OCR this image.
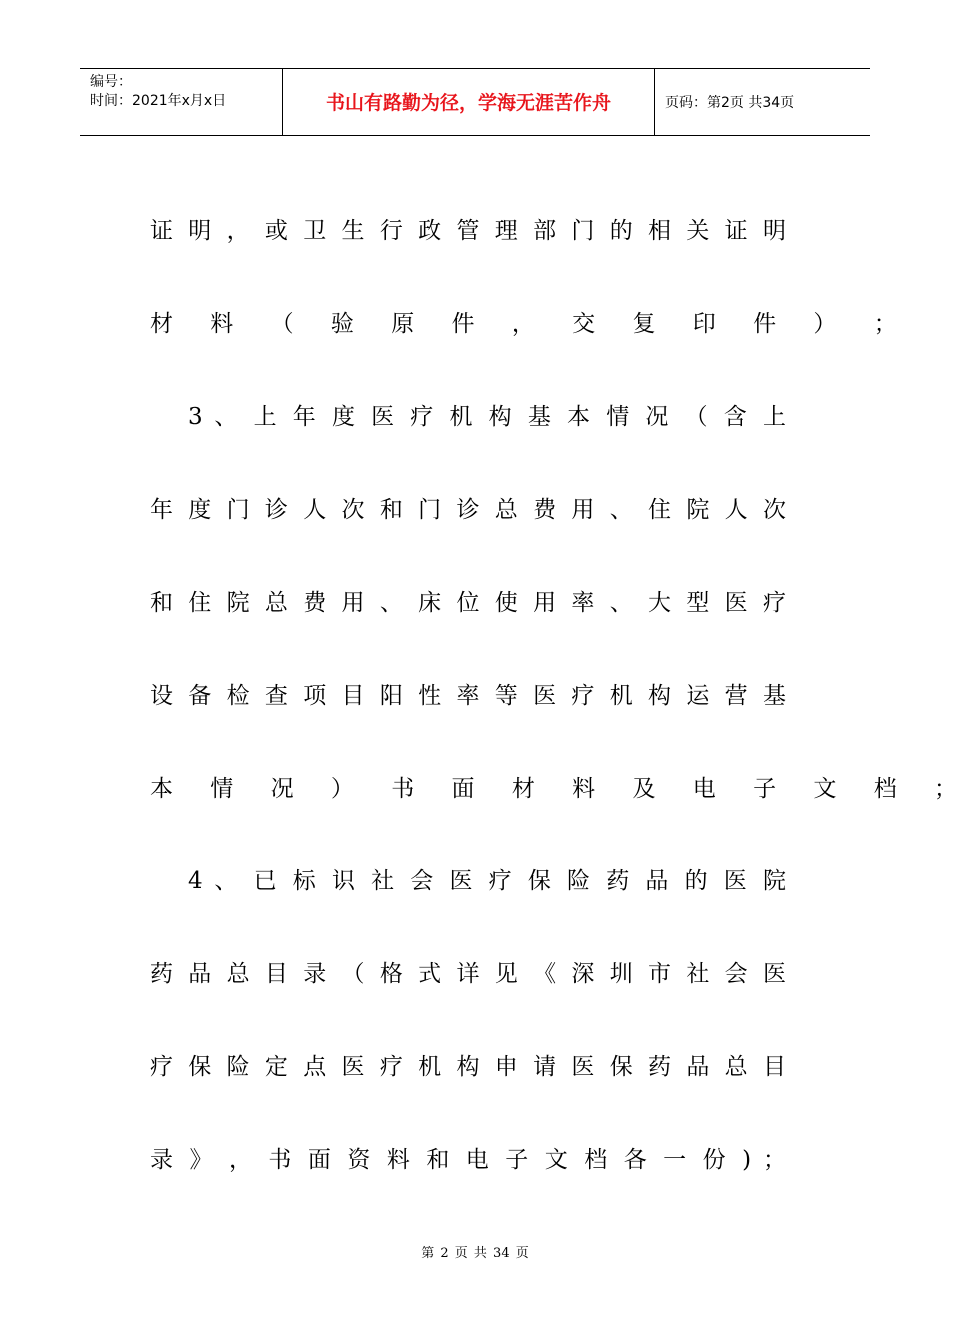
编号：
时间：2021年x月x日	书山有路勤为径，学海无涯苦作舟	页码：第2页 共34页
证 明 ， 或 卫 生 行 政 管 理 部 门 的 相 关 证 明
材 料 （ 验 原 件 ， 交 复 印 件 ） ；
3 、 上 年 度 医 疗 机 构 基 本 情 况 （ 含 上
年 度 门 诊 人 次 和 门 诊 总 费 用 、 住 院 人 次
和 住 院 总 费 用 、 床 位 使 用 率 、 大 型 医 疗
设 备 检 查 项 目 阳 性 率 等 医 疗 机 构 运 营 基
本 情 况 ） 书 面 材 料 及 电 子 文 档 ；
4 、 已 标 识 社 会 医 疗 保 险 药 品 的 医 院
药 品 总 目 录 （ 格 式 详 见 《 深 圳 市 社 会 医
疗 保 险 定 点 医 疗 机 构 申 请 医 保 药 品 总 目
录 》 ， 书 面 资 料 和 电 子 文 档 各 一 份 ) ；
第 2 页 共 34 页
